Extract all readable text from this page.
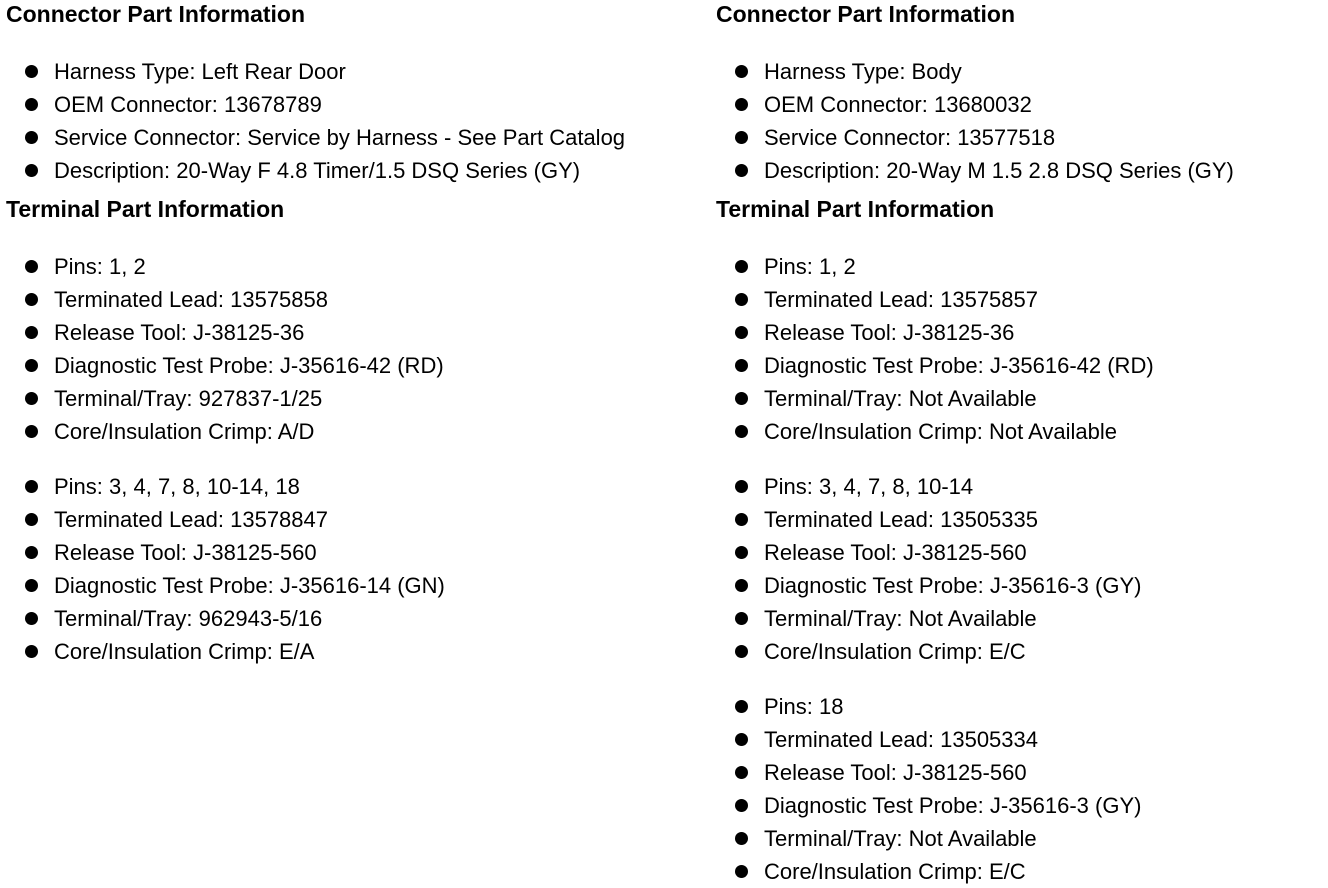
Connector Part Information
Harness Type: Left Rear Door
OEM Connector: 13678789
Service Connector: Service by Harness - See Part Catalog
Description: 20-Way F 4.8 Timer/1.5 DSQ Series (GY)
Terminal Part Information
Pins: 1, 2
Terminated Lead: 13575858
Release Tool: J-38125-36
Diagnostic Test Probe: J-35616-42 (RD)
Terminal/Tray: 927837-1/25
Core/Insulation Crimp: A/D
Pins: 3, 4, 7, 8, 10-14, 18
Terminated Lead: 13578847
Release Tool: J-38125-560
Diagnostic Test Probe: J-35616-14 (GN)
Terminal/Tray: 962943-5/16
Core/Insulation Crimp: E/A
Connector Part Information
Harness Type: Body
OEM Connector: 13680032
Service Connector: 13577518
Description: 20-Way M 1.5 2.8 DSQ Series (GY)
Terminal Part Information
Pins: 1, 2
Terminated Lead: 13575857
Release Tool: J-38125-36
Diagnostic Test Probe: J-35616-42 (RD)
Terminal/Tray: Not Available
Core/Insulation Crimp: Not Available
Pins: 3, 4, 7, 8, 10-14
Terminated Lead: 13505335
Release Tool: J-38125-560
Diagnostic Test Probe: J-35616-3 (GY)
Terminal/Tray: Not Available
Core/Insulation Crimp: E/C
Pins: 18
Terminated Lead: 13505334
Release Tool: J-38125-560
Diagnostic Test Probe: J-35616-3 (GY)
Terminal/Tray: Not Available
Core/Insulation Crimp: E/C
